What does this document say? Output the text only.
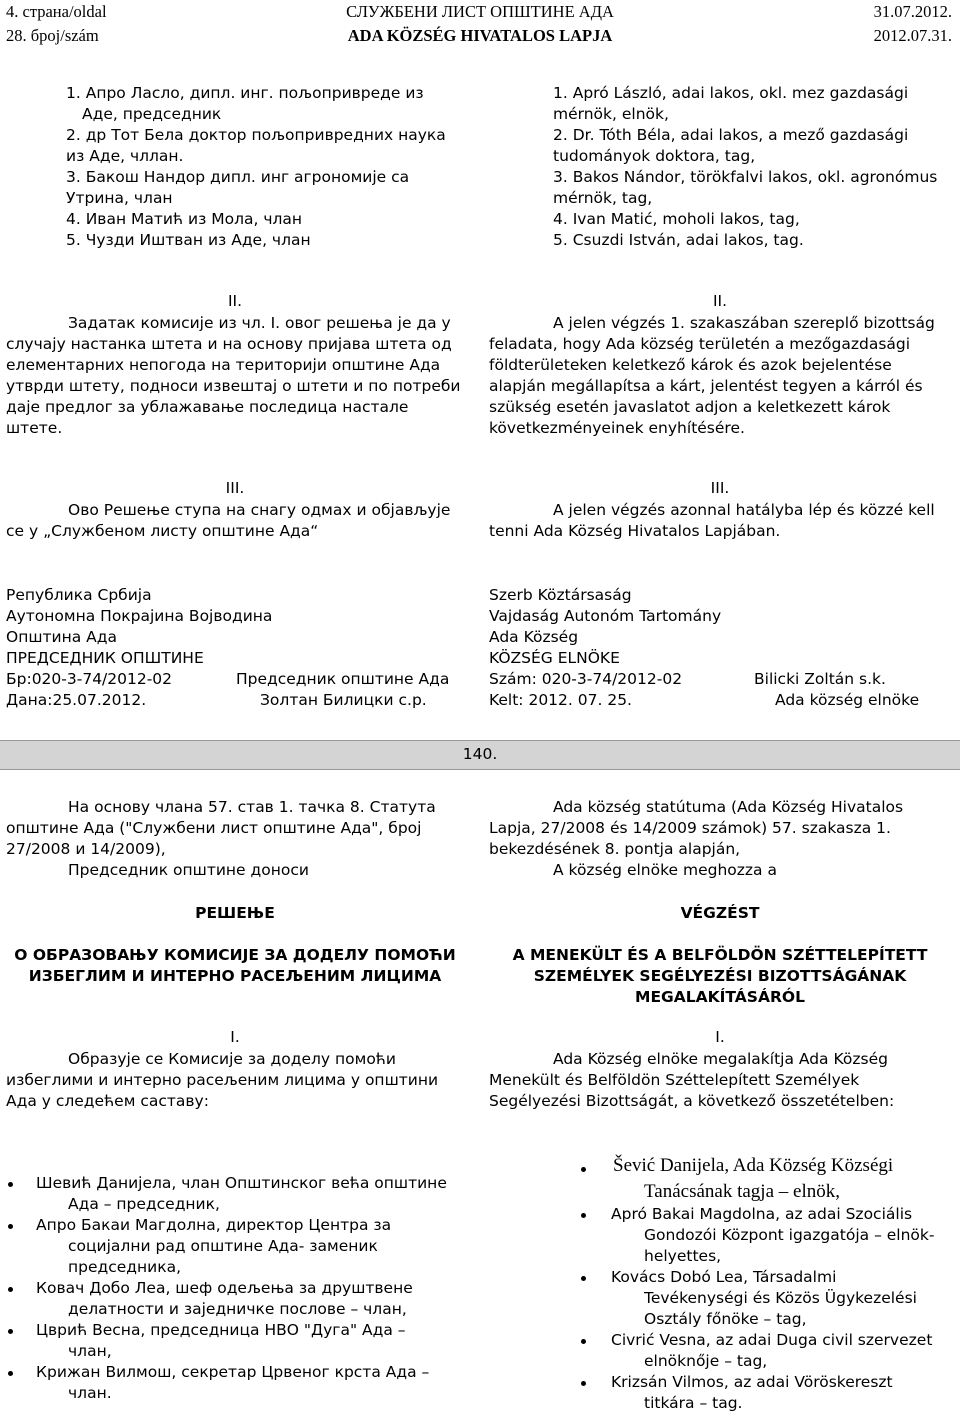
4. страна/oldal
28. број/szám
СЛУЖБЕНИ ЛИСТ ОПШТИНЕ АДА
ADA KÖZSÉG HIVATALOS LAPJA
31.07.2012.
2012.07.31.
1. Апро Ласло, дипл. инг. пољопривреде из
Аде, председник
2. др Тот Бела доктор пољопривредних наука
из Аде, чллан.
3. Бакош Нандор дипл. инг агрономије са
Утрина, члан
4. Иван Матић из Мола, члан
5. Чузди Иштван из Аде, члан
1. Apró László, adai lakos, okl. mez gazdasági
mérnök, elnök,
2. Dr. Tóth Béla, adai lakos, a mező gazdasági
tudományok doktora, tag,
3. Bakos Nándor, törökfalvi lakos, okl. agronómus
mérnök, tag,
4. Ivan Matić, moholi lakos, tag,
5. Csuzdi István, adai lakos, tag.
II.	II.
Задатак комисије из чл. I. овог решења је да у
случају настанка штета и на основу пријава штета од
елементарних непогода на територији општине Ада
утврди штету, подноси извештај о штети и по потреби
даје предлог за ублажавање последица настале
штете.
A jelen végzés 1. szakaszában szereplő bizottság
feladata, hogy Ada község területén a mezőgazdasági
földterületeken keletkező károk és azok bejelentése
alapján megállapítsa a kárt, jelentést tegyen a kárról és
szükség esetén javaslatot adjon a keletkezett károk
következményeinek enyhítésére.
III.	III.
Ово Решење ступа на снагу одмах и објављује
се у „Службеном листу општине Ада“
A jelen végzés azonnal hatályba lép és közzé kell
tenni Ada Község Hivatalos Lapjában.
Република Србија
Аутономна Покрајина Војводина
Општина Ада
ПРЕДСЕДНИК ОПШТИНЕ
Бр:020-3-74/2012-02	Председник општине Ада
Дана:25.07.2012.	Золтан Билицки с.р.
Szerb Köztársaság
Vajdaság Autonóm Tartomány
Ada Község
KÖZSÉG ELNÖKE
Szám: 020-3-74/2012-02	Bilicki Zoltán s.k.
Kelt: 2012. 07. 25.	Ada község elnöke
140.
На основу члана 57. став 1. тачка 8. Статута
општине Ада ("Службени лист општине Ада", број
27/2008 и 14/2009),
Председник општине доноси
Ada község statútuma (Ada Község Hivatalos
Lapja, 27/2008 és 14/2009 számok) 57. szakasza 1.
bekezdésének 8. pontja alapján,
A község elnöke meghozza a
РЕШЕЊЕ	VÉGZÉST
О ОБРАЗОВАЊУ КОМИСИЈЕ ЗА ДОДЕЛУ ПОМОЋИ
ИЗБЕГЛИМ И ИНТЕРНО РАСЕЉЕНИМ ЛИЦИМА
A MENEKÜLT ÉS A BELFÖLDÖN SZÉTTELEPÍTETT
SZEMÉLYEK SEGÉLYEZÉSI BIZOTTSÁGÁNAK
MEGALAKÍTÁSÁRÓL
I.	I.
Образује се Комисије за доделу помоћи
избеглими и интерно расељеним лицима у општини
Ада у следећем саставу:
Ada Község elnöke megalakítja Ada Község
Menekült és Belföldön Széttelepített Személyek
Segélyezési Bizottságát, a következő összetételben:
Шевић Данијела, члан Општинског већа општине
Ада – председник,
Апро Бакаи Магдолна, директор Центра за
социјални рад општине Ада- заменик
председника,
Ковач Добо Леа, шеф одељења за друштвене
делатности и заједничке послове – члан,
Цврић Весна, председница НВО "Дуга" Ада –
члан,
Крижан Вилмош, секретар Црвеног крста Ада –
члан.
Šević Danijela, Ada Község Községi
Tanácsának tagja – elnök,
Apró Bakai Magdolna, az adai Szociális
Gondozói Központ igazgatója – elnök-
helyettes,
Kovács Dobó Lea, Társadalmi
Tevékenységi és Közös Ügykezelési
Osztály főnöke – tag,
Civrić Vesna, az adai Duga civil szervezet
elnöknője – tag,
Krizsán Vilmos, az adai Vöröskereszt
titkára – tag.
